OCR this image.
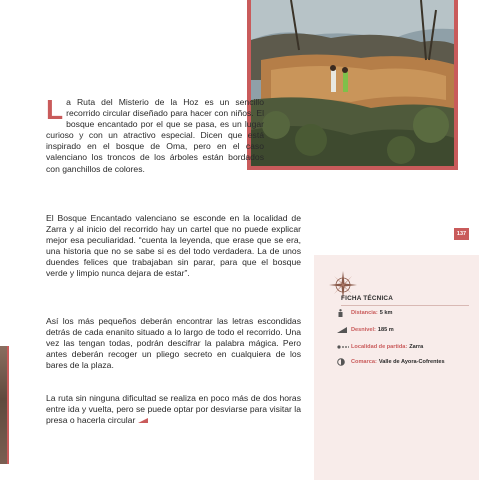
La Ruta del Misterio de la Hoz es un sencillo recorrido circular diseñado para hacer con niños. El bosque encantado por el que se pasa, es un lugar curioso y con un atractivo especial. Dicen que está inspirado en el bosque de Oma, pero en el caso valenciano los troncos de los árboles están bordados con ganchillos de colores.

El Bosque Encantado valenciano se esconde en la localidad de Zarra y al inicio del recorrido hay un cartel que no puede explicar mejor esa peculiaridad. “cuenta la leyenda, que erase que se era, una historia que no se sabe si es del todo verdadera. La de unos duendes felices que trabajaban sin parar, para que el bosque verde y limpio nunca dejara de estar”.

Así los más pequeños deberán encontrar las letras escondidas detrás de cada enanito situado a lo largo de todo el recorrido. Una vez las tengan todas, podrán descifrar la palabra mágica. Pero antes deberán recoger un pliego secreto en cualquiera de los bares de la plaza.

La ruta sin ninguna dificultad se realiza en poco más de dos horas entre ida y vuelta, pero se puede optar por desviarse para visitar la presa o hacerla circular

137
FICHA TÉCNICA
Distancia: 5 km
Desnivel: 185 m
Localidad de partida: Zarra
Comarca: Valle de Ayora-Cofrentes
